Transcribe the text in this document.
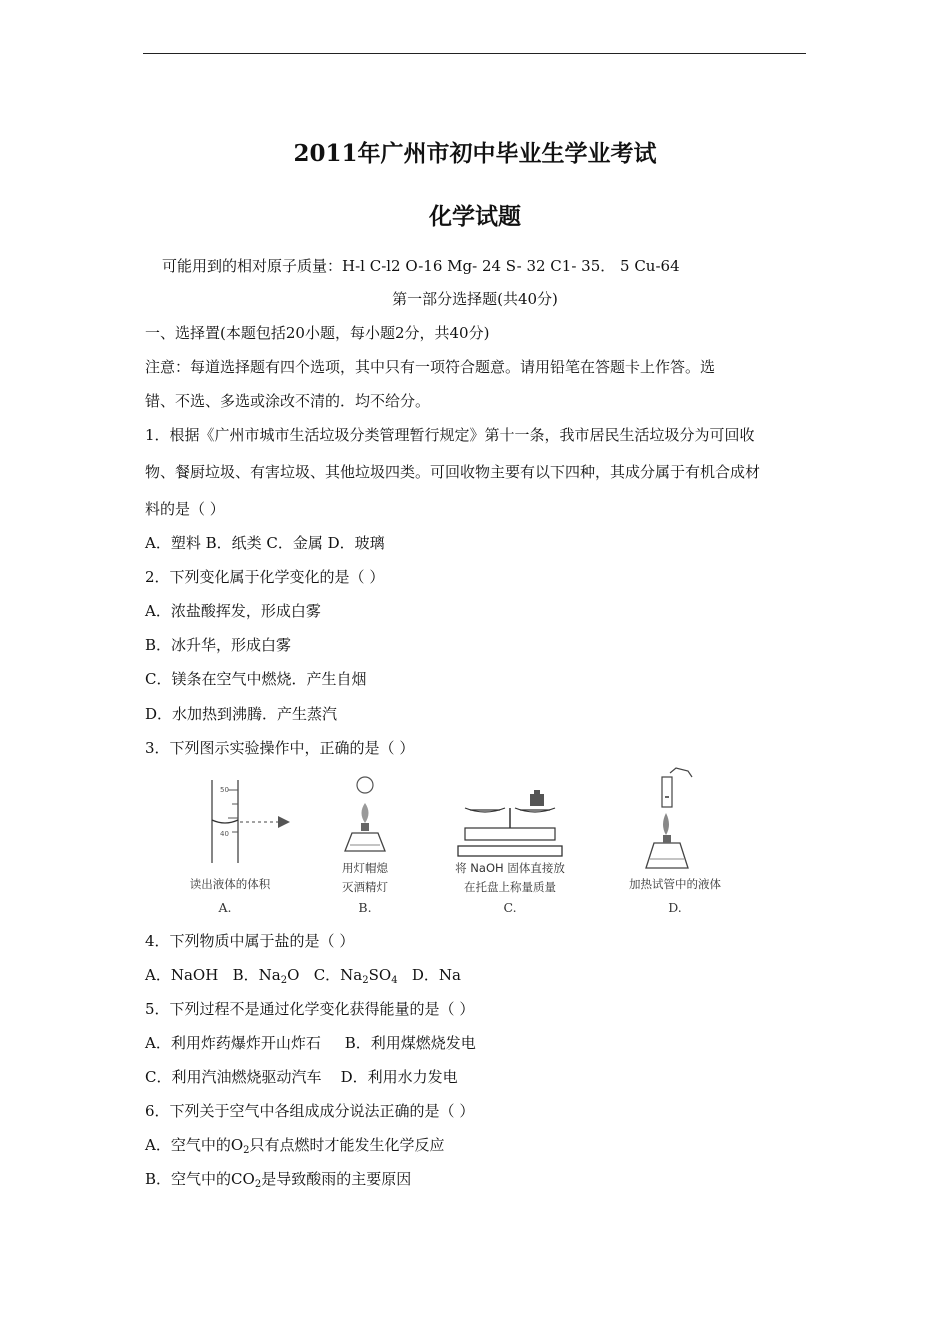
2011年广州市初中毕业生学业考试
化学试题
可能用到的相对原子质量：H-l C-l2 O-16 Mg- 24 S- 32 C1- 35． 5 Cu-64
第一部分选择题(共40分)
一、选择置(本题包括20小题，每小题2分，共40分)
注意：每道选择题有四个选项，其中只有一项符合题意。请用铅笔在答题卡上作答。选
错、不选、多选或涂改不清的．均不给分。
1．根据《广州市城市生活垃圾分类管理暂行规定》第十一条，我市居民生活垃圾分为可回收
物、餐厨垃圾、有害垃圾、其他垃圾四类。可回收物主要有以下四种，其成分属于有机合成材
料的是（ ）
A．塑料 B．纸类 C．金属 D．玻璃
2．下列变化属于化学变化的是（ ）
A．浓盐酸挥发，形成白雾
B．冰升华，形成白雾
C．镁条在空气中燃烧．产生自烟
D．水加热到沸腾．产生蒸汽
3．下列图示实验操作中，正确的是（ ）
50
40
读出液体的体积
A.
用灯帽熄
灭酒精灯
B.
将 NaOH 固体直接放
在托盘上称量质量
C.
加热试管中的液体
D.
4．下列物质中属于盐的是（ ）
A．NaOH B．$Na_2O$ C．$Na_2SO_4$ D．Na
5．下列过程不是通过化学变化获得能量的是（ ）
A．利用炸药爆炸开山炸石 B．利用煤燃烧发电
C．利用汽油燃烧驱动汽车 D．利用水力发电
6．下列关于空气中各组成成分说法正确的是（ ）
A．空气中的$O_2$只有点燃时才能发生化学反应
B．空气中的$CO_2$是导致酸雨的主要原因
